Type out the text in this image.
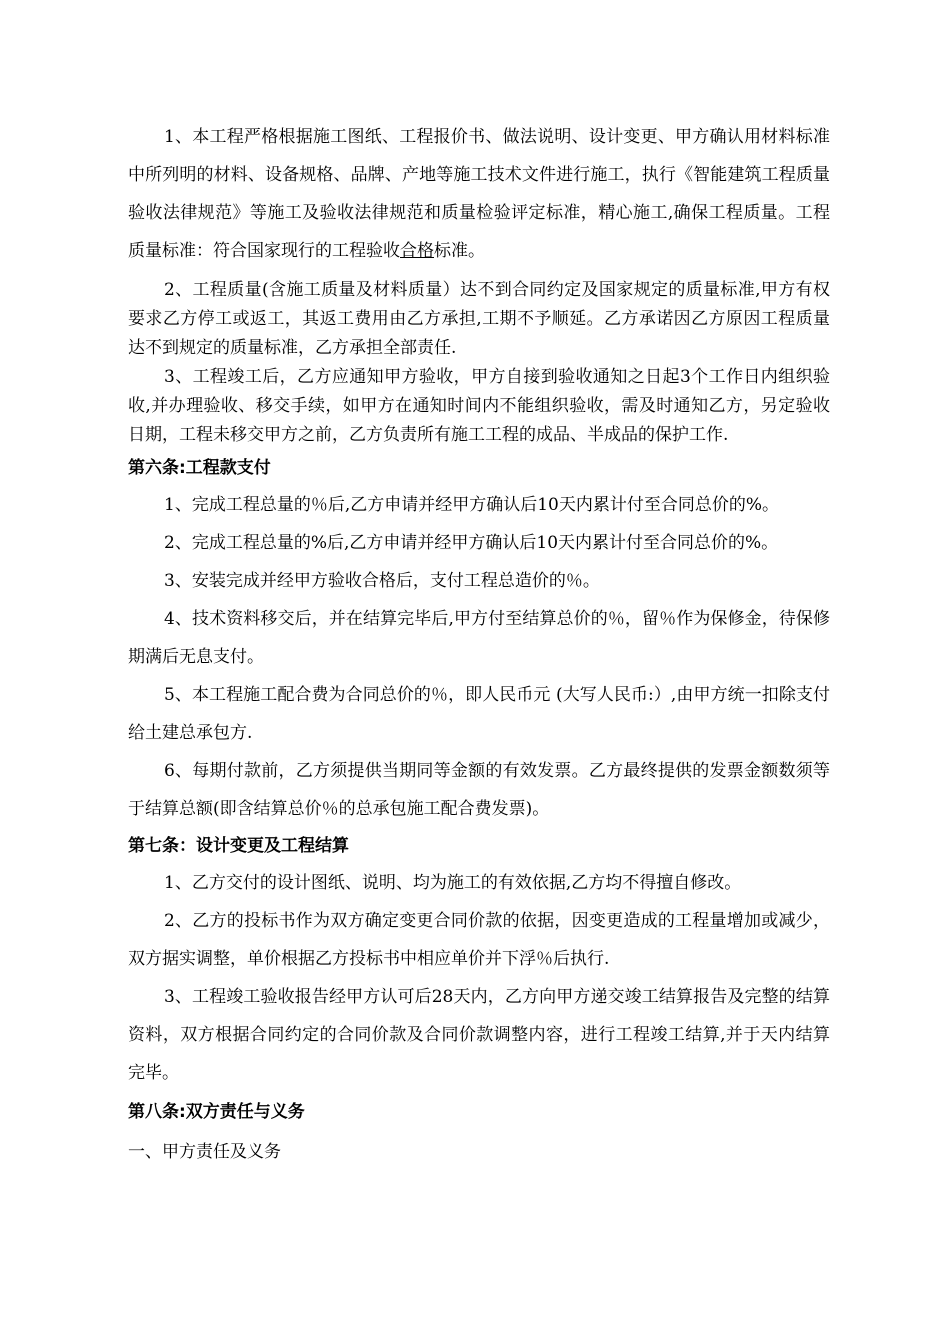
1、本工程严格根据施工图纸、工程报价书、做法说明、设计变更、甲方确认用材料标准中所列明的材料、设备规格、品牌、产地等施工技术文件进行施工，执行《智能建筑工程质量验收法律规范》等施工及验收法律规范和质量检验评定标准，精心施工,确保工程质量。工程质量标准：符合国家现行的工程验收合格标准。

2、工程质量(含施工质量及材料质量）达不到合同约定及国家规定的质量标准,甲方有权要求乙方停工或返工，其返工费用由乙方承担,工期不予顺延。乙方承诺因乙方原因工程质量达不到规定的质量标准，乙方承担全部责任.

3、工程竣工后，乙方应通知甲方验收，甲方自接到验收通知之日起3个工作日内组织验收,并办理验收、移交手续，如甲方在通知时间内不能组织验收，需及时通知乙方，另定验收日期，工程未移交甲方之前，乙方负责所有施工工程的成品、半成品的保护工作.

第六条:工程款支付

1、完成工程总量的％后,乙方申请并经甲方确认后10天内累计付至合同总价的%。

2、完成工程总量的%后,乙方申请并经甲方确认后10天内累计付至合同总价的%。

3、安装完成并经甲方验收合格后，支付工程总造价的％。

4、技术资料移交后，并在结算完毕后,甲方付至结算总价的％，留％作为保修金，待保修期满后无息支付。

5、本工程施工配合费为合同总价的％，即人民币元 (大写人民币:）,由甲方统一扣除支付给土建总承包方.

6、每期付款前，乙方须提供当期同等金额的有效发票。乙方最终提供的发票金额数须等于结算总额(即含结算总价％的总承包施工配合费发票)。

第七条：设计变更及工程结算

1、乙方交付的设计图纸、说明、均为施工的有效依据,乙方均不得擅自修改。

2、乙方的投标书作为双方确定变更合同价款的依据，因变更造成的工程量增加或减少，双方据实调整，单价根据乙方投标书中相应单价并下浮％后执行.

3、工程竣工验收报告经甲方认可后28天内，乙方向甲方递交竣工结算报告及完整的结算资料，双方根据合同约定的合同价款及合同价款调整内容，进行工程竣工结算,并于天内结算完毕。

第八条:双方责任与义务

一、甲方责任及义务
